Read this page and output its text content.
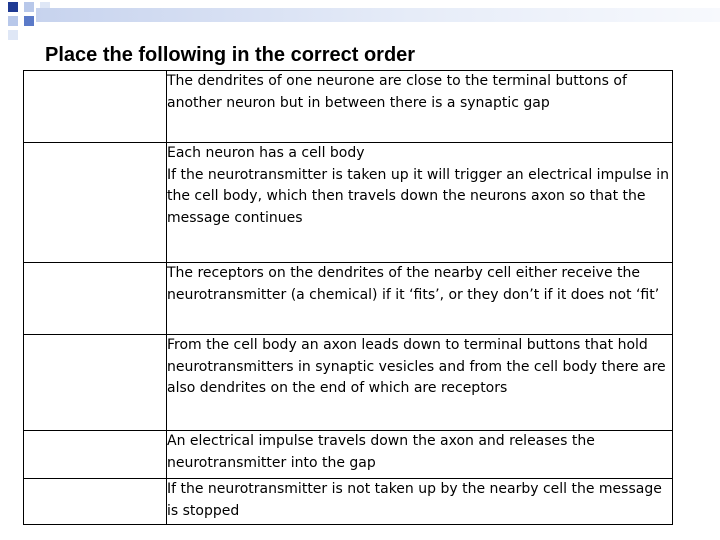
Place the following in the correct order
	The dendrites of one neurone are close to the terminal buttons of another neuron but in between there is a synaptic gap

	Each neuron has a cell body
If the neurotransmitter is taken up it will trigger an electrical impulse in the cell body, which then travels down the neurons axon so that the message continues

	The receptors on the dendrites of the nearby cell either receive the neurotransmitter (a chemical) if it ‘fits’, or they don’t if it does not ‘fit’
	From the cell body an axon leads down to terminal buttons that hold neurotransmitters in synaptic vesicles and from the cell body there are also dendrites on the end of which are receptors
	An electrical impulse travels down the axon and releases the neurotransmitter into the gap
	If the neurotransmitter is not taken up by the nearby cell the message is stopped
